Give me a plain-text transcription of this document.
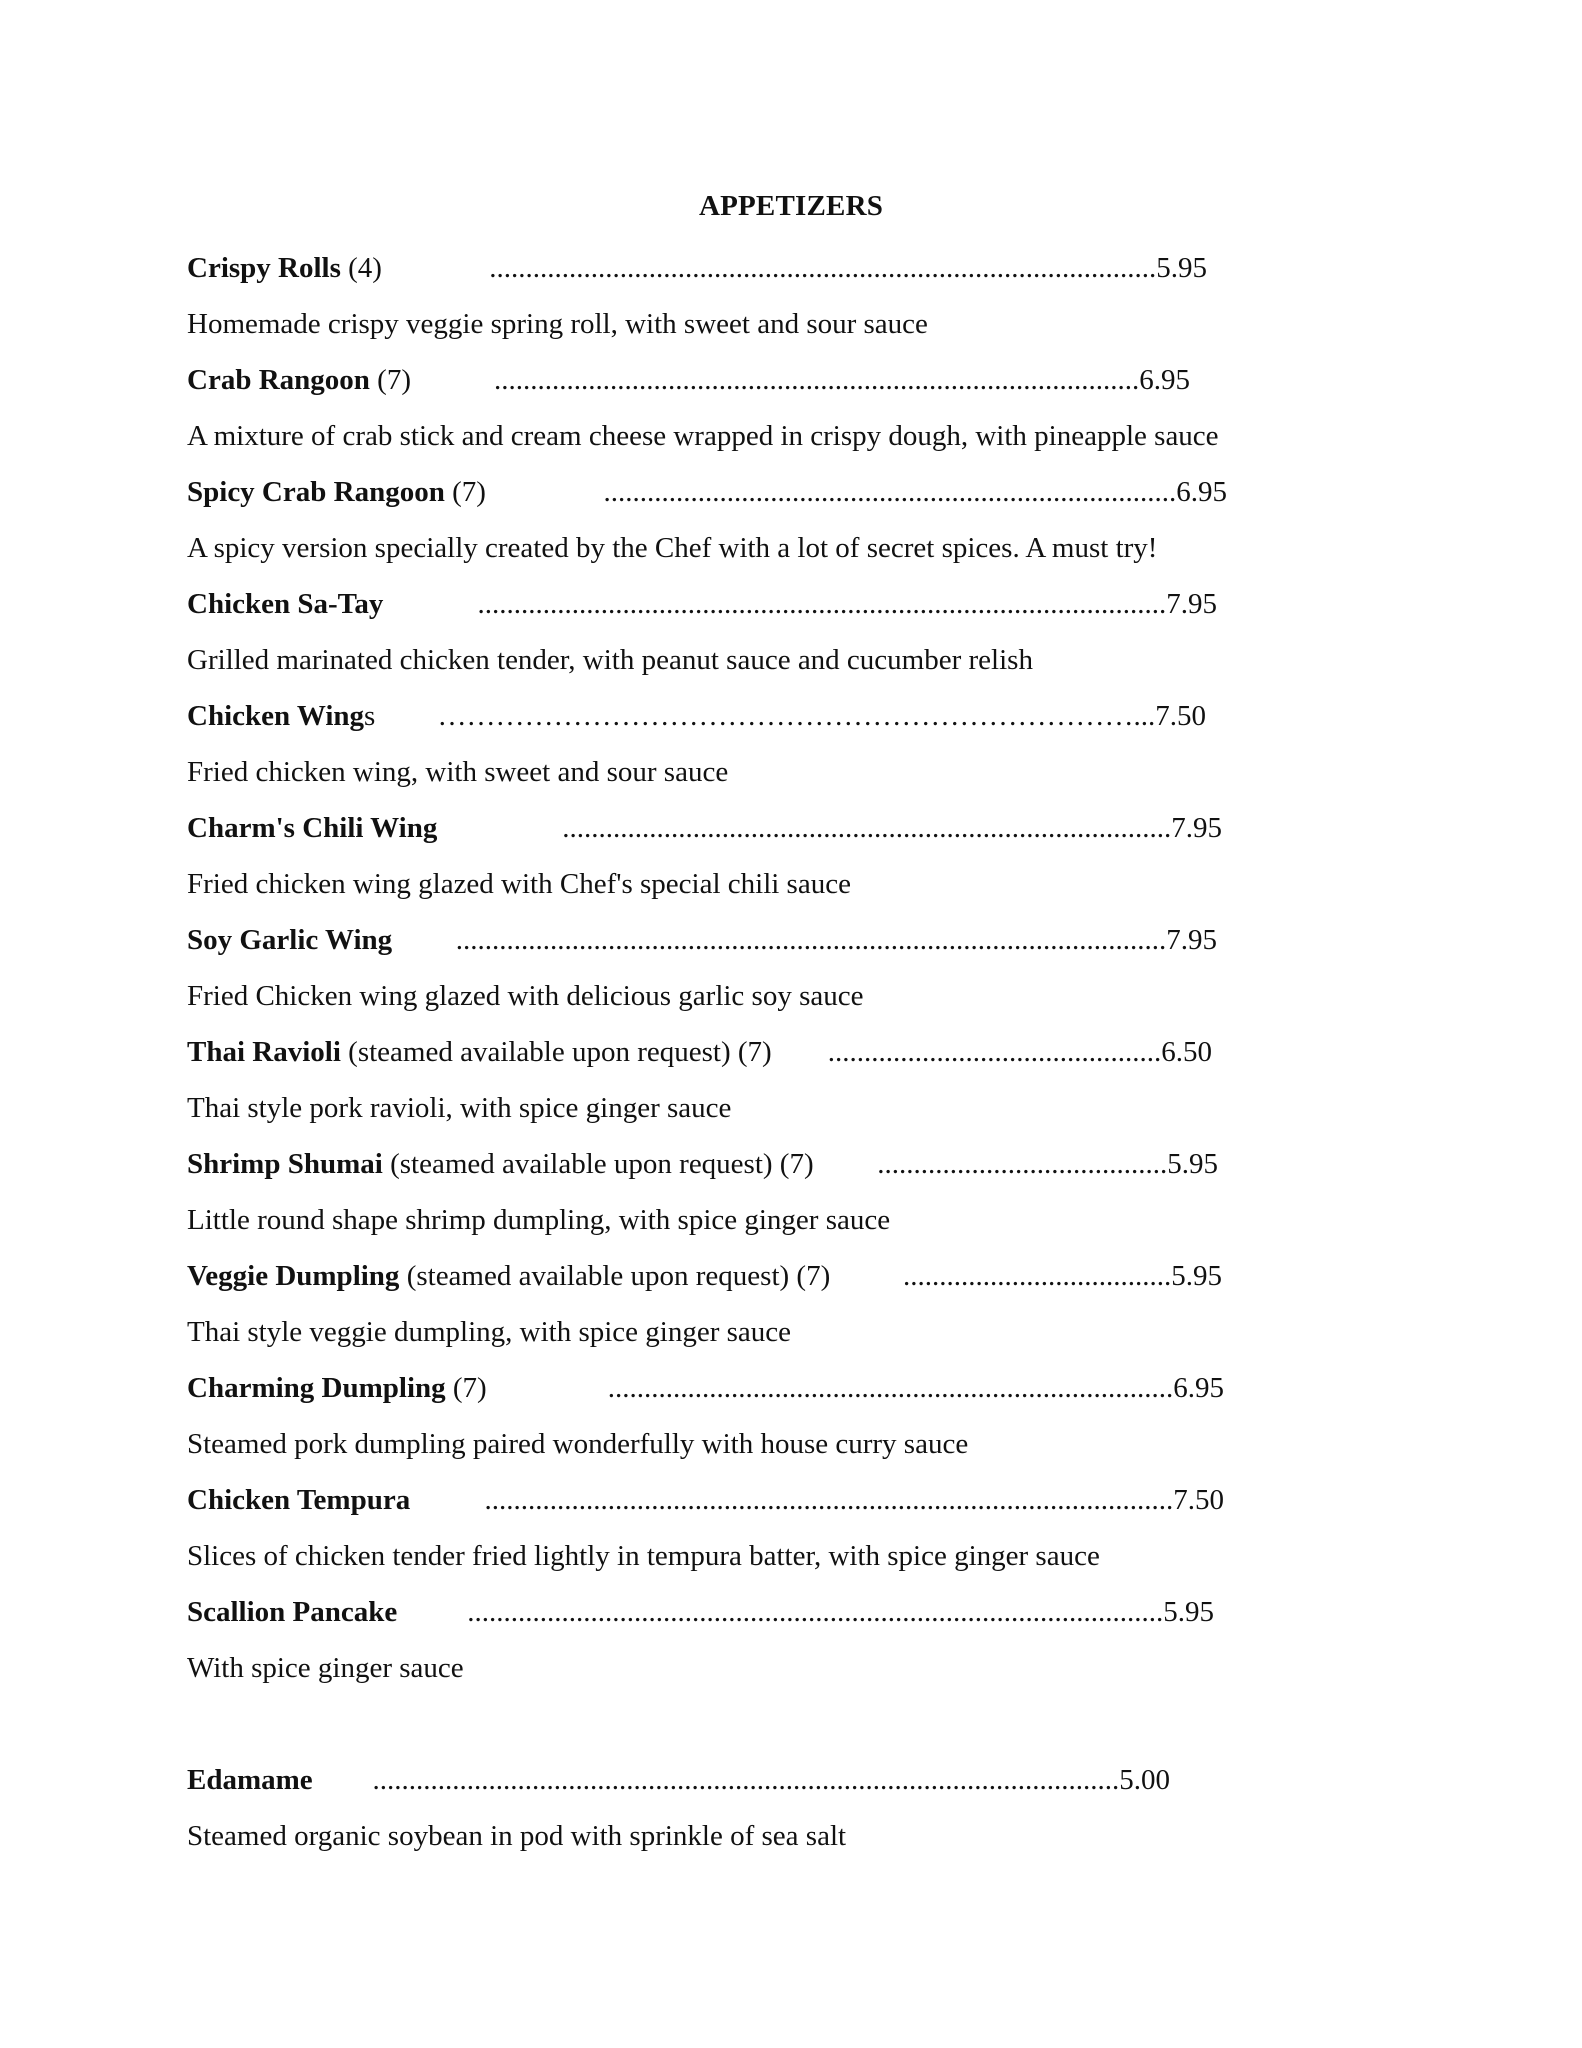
APPETIZERS
Crispy Rolls (4)	5.95
............................................................................................
Homemade crispy veggie spring roll, with sweet and sour sauce
Crab Rangoon (7)	6.95
.........................................................................................
A mixture of crab stick and cream cheese wrapped in crispy dough, with pineapple sauce
Spicy Crab Rangoon (7)	6.95
...............................................................................
A spicy version specially created by the Chef with a lot of secret spices. A must try!
Chicken Sa-Tay	7.95
...............................................................................................
Grilled marinated chicken tender, with peanut sauce and cucumber relish
Chicken Wings	7.50
………………………………………………………………...
Fried chicken wing, with sweet and sour sauce
Charm's Chili Wing	7.95
....................................................................................
Fried chicken wing glazed with Chef's special chili sauce
Soy Garlic Wing	7.95
..................................................................................................
Fried Chicken wing glazed with delicious garlic soy sauce
Thai Ravioli (steamed available upon request) (7)	6.50
..............................................
Thai style pork ravioli, with spice ginger sauce
Shrimp Shumai (steamed available upon request) (7)	5.95
........................................
Little round shape shrimp dumpling, with spice ginger sauce
Veggie Dumpling (steamed available upon request) (7)	5.95
.....................................
Thai style veggie dumpling, with spice ginger sauce
Charming Dumpling (7)	6.95
..............................................................................
Steamed pork dumpling paired wonderfully with house curry sauce
Chicken Tempura	7.50
...............................................................................................
Slices of chicken tender fried lightly in tempura batter, with spice ginger sauce
Scallion Pancake	5.95
................................................................................................
With spice ginger sauce
Edamame	5.00
.......................................................................................................
Steamed organic soybean in pod with sprinkle of sea salt
